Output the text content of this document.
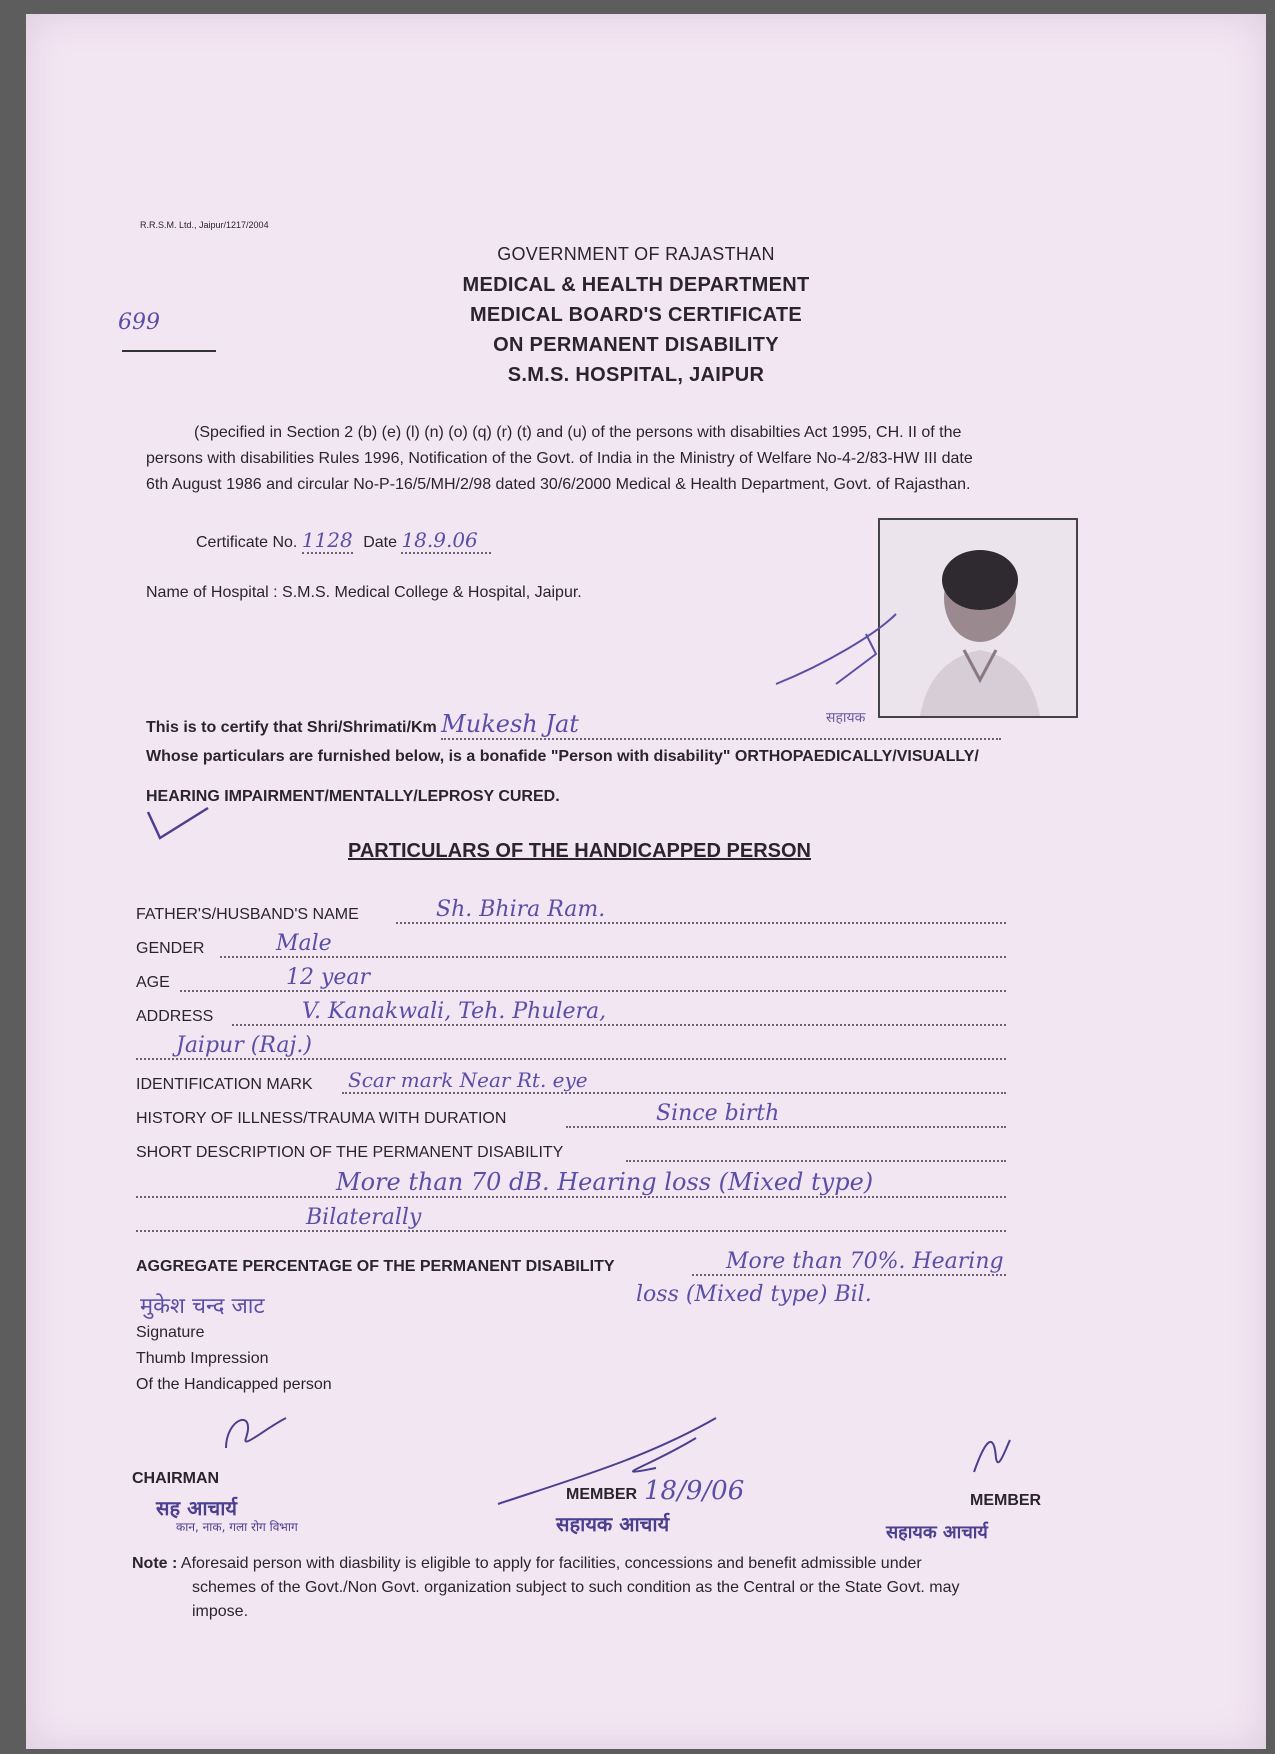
R.R.S.M. Ltd., Jaipur/1217/2004
699
GOVERNMENT OF RAJASTHAN
MEDICAL & HEALTH DEPARTMENT
MEDICAL BOARD'S CERTIFICATE
ON PERMANENT DISABILITY
S.M.S. HOSPITAL, JAIPUR
(Specified in Section 2 (b) (e) (l) (n) (o) (q) (r) (t) and (u) of the persons with disabilties Act 1995, CH. II of the
persons with disabilities Rules 1996, Notification of the Govt. of India in the Ministry of Welfare No-4-2/83-HW III date
6th August 1986 and circular No-P-16/5/MH/2/98 dated 30/6/2000 Medical & Health Department, Govt. of Rajasthan.
Certificate No. 1128 Date 18.9.06
Name of Hospital : S.M.S. Medical College & Hospital, Jaipur.
This is to certify that Shri/Shrimati/Km Mukesh Jat	सहायक
Whose particulars are furnished below, is a bonafide "Person with disability" ORTHOPAEDICALLY/VISUALLY/
HEARING IMPAIRMENT/MENTALLY/LEPROSY CURED.
PARTICULARS OF THE HANDICAPPED PERSON
FATHER'S/HUSBAND'S NAME	Sh. Bhira Ram.
GENDER	Male
AGE	12 year
ADDRESS	V. Kanakwali, Teh. Phulera,
Jaipur (Raj.)
IDENTIFICATION MARK Scar mark Near Rt. eye
HISTORY OF ILLNESS/TRAUMA WITH DURATION	Since birth
SHORT DESCRIPTION OF THE PERMANENT DISABILITY
More than 70 dB. Hearing loss (Mixed type)
Bilaterally
AGGREGATE PERCENTAGE OF THE PERMANENT DISABILITY	More than 70%. Hearing
loss (Mixed type) Bil.
मुकेश चन्द जाट
Signature
Thumb Impression
Of the Handicapped person
CHAIRMAN
सह आचार्य
कान, नाक, गला रोग विभाग
MEMBER 18/9/06
सहायक आचार्य
MEMBER
सहायक आचार्य
Note : Aforesaid person with diasbility is eligible to apply for facilities, concessions and benefit admissible under
schemes of the Govt./Non Govt. organization subject to such condition as the Central or the State Govt. may
impose.
